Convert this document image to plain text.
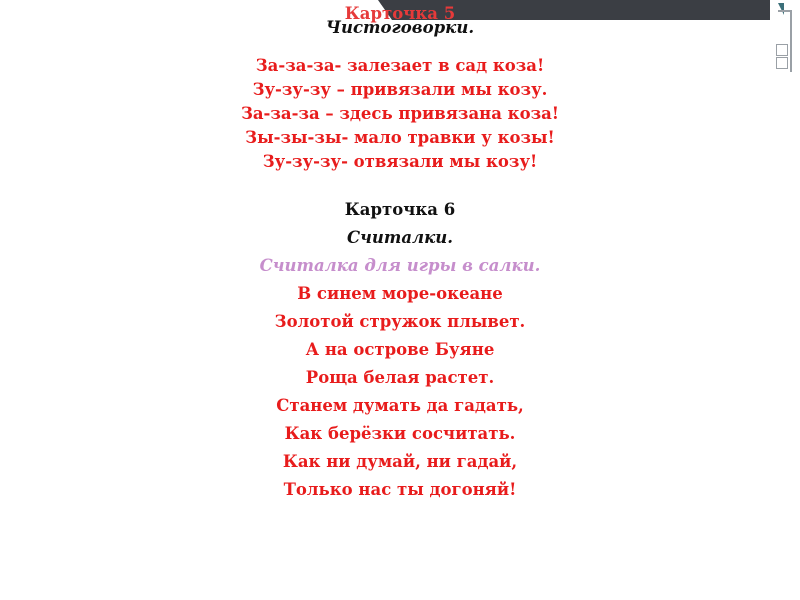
Карточка 5
Чистоговорки.
За-за-за- залезает в сад коза!
Зу-зу-зу – привязали мы козу.
За-за-за – здесь привязана коза!
Зы-зы-зы- мало травки у козы!
Зу-зу-зу- отвязали мы козу!
Карточка 6
Считалки.
Считалка для игры в салки.
В синем море-океане
Золотой стружок плывет.
А на острове Буяне
Роща белая растет.
Станем думать да гадать,
Как берёзки сосчитать.
Как ни думай, ни гадай,
Только нас ты догоняй!
